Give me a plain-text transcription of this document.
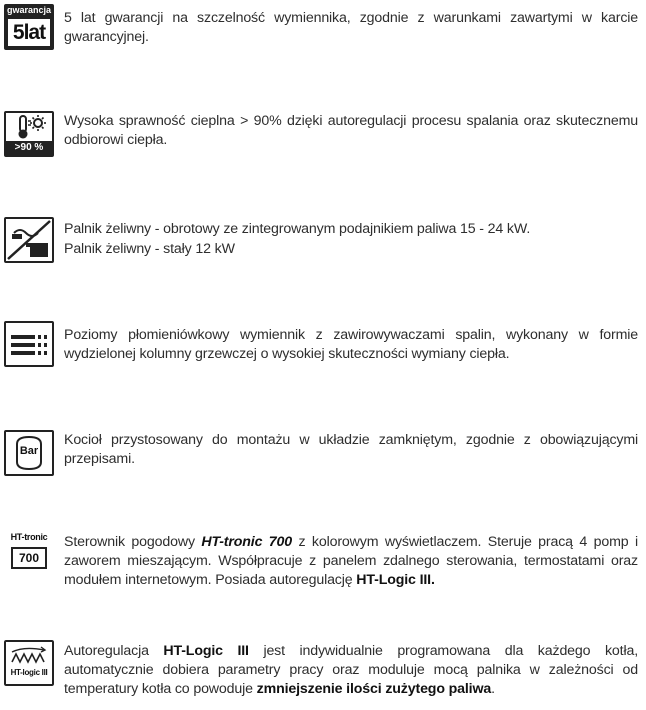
gwarancja
5lat
5 lat gwarancji na szczelność wymiennika, zgodnie z warunkami zawartymi w karcie gwarancyjnej.
>90 %
Wysoka sprawność cieplna > 90% dzięki autoregulacji procesu spalania oraz skutecznemu odbiorowi ciepła.
Palnik żeliwny - obrotowy ze zintegrowanym podajnikiem paliwa 15 - 24 kW.
Palnik żeliwny - stały 12 kW
Poziomy płomieniówkowy wymiennik z zawirowywaczami spalin, wykonany w formie wydzielonej kolumny grzewczej o wysokiej skuteczności wymiany ciepła.
Bar
Kocioł przystosowany do montażu w układzie zamkniętym, zgodnie z obowiązującymi przepisami.
HT-tronic
700
Sterownik pogodowy HT-tronic 700 z kolorowym wyświetlaczem. Steruje pracą 4 pomp i zaworem mieszającym. Współpracuje z panelem zdalnego sterowania, termostatami oraz modułem internetowym. Posiada autoregulację HT-Logic III.
HT-logic III
Autoregulacja HT-Logic III jest indywidualnie programowana dla każdego kotła, automatycznie dobiera parametry pracy oraz moduluje mocą palnika w zależności od temperatury kotła co powoduje zmniejszenie ilości zużytego paliwa.
